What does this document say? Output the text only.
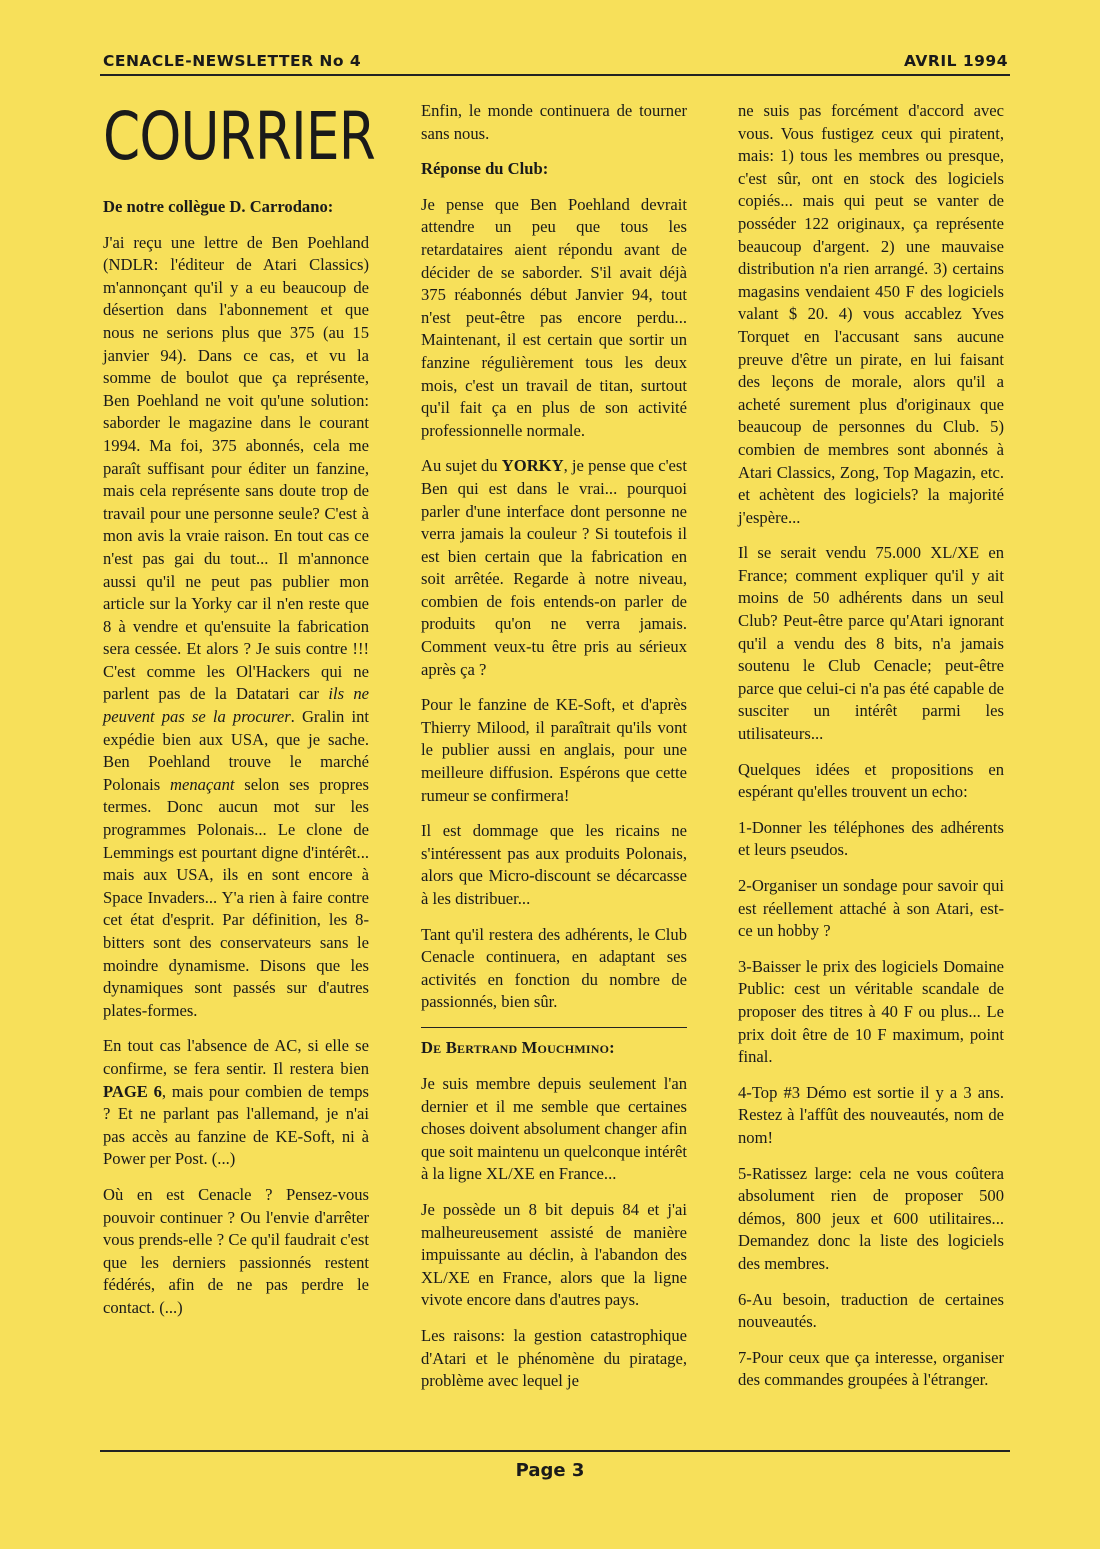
CENACLE-NEWSLETTER No 4	AVRIL 1994
COURRIER

De notre collègue D. Carrodano:

J'ai reçu une lettre de Ben Poehland (NDLR: l'éditeur de Atari Classics) m'annonçant qu'il y a eu beaucoup de désertion dans l'abonnement et que nous ne serions plus que 375 (au 15 janvier 94). Dans ce cas, et vu la somme de boulot que ça représente, Ben Poehland ne voit qu'une solution: saborder le magazine dans le courant 1994. Ma foi, 375 abonnés, cela me paraît suffisant pour éditer un fanzine, mais cela représente sans doute trop de travail pour une personne seule? C'est à mon avis la vraie raison. En tout cas ce n'est pas gai du tout... Il m'annonce aussi qu'il ne peut pas publier mon article sur la Yorky car il n'en reste que 8 à vendre et qu'ensuite la fabrication sera cessée. Et alors ? Je suis contre !!! C'est comme les Ol'Hackers qui ne parlent pas de la Datatari car ils ne peuvent pas se la procurer. Gralin int expédie bien aux USA, que je sache. Ben Poehland trouve le marché Polonais menaçant selon ses propres termes. Donc aucun mot sur les programmes Polonais... Le clone de Lemmings est pourtant digne d'intérêt... mais aux USA, ils en sont encore à Space Invaders... Y'a rien à faire contre cet état d'esprit. Par définition, les 8-bitters sont des conservateurs sans le moindre dynamisme. Disons que les dynamiques sont passés sur d'autres plates-formes.

En tout cas l'absence de AC, si elle se confirme, se fera sentir. Il restera bien PAGE 6, mais pour combien de temps ? Et ne parlant pas l'allemand, je n'ai pas accès au fanzine de KE-Soft, ni à Power per Post. (...)

Où en est Cenacle ? Pensez-vous pouvoir continuer ? Ou l'envie d'arrêter vous prends-elle ? Ce qu'il faudrait c'est que les derniers passionnés restent fédérés, afin de ne pas perdre le contact. (...)

Enfin, le monde continuera de tourner sans nous.

Réponse du Club:

Je pense que Ben Poehland devrait attendre un peu que tous les retardataires aient répondu avant de décider de se saborder. S'il avait déjà 375 réabonnés début Janvier 94, tout n'est peut-être pas encore perdu... Maintenant, il est certain que sortir un fanzine régulièrement tous les deux mois, c'est un travail de titan, surtout qu'il fait ça en plus de son activité professionnelle normale.

Au sujet du YORKY, je pense que c'est Ben qui est dans le vrai... pourquoi parler d'une interface dont personne ne verra jamais la couleur ? Si toutefois il est bien certain que la fabrication en soit arrêtée. Regarde à notre niveau, combien de fois entends-on parler de produits qu'on ne verra jamais. Comment veux-tu être pris au sérieux après ça ?

Pour le fanzine de KE-Soft, et d'après Thierry Milood, il paraîtrait qu'ils vont le publier aussi en anglais, pour une meilleure diffusion. Espérons que cette rumeur se confirmera!

Il est dommage que les ricains ne s'intéressent pas aux produits Polonais, alors que Micro-discount se décarcasse à les distribuer...

Tant qu'il restera des adhérents, le Club Cenacle continuera, en adaptant ses activités en fonction du nombre de passionnés, bien sûr.

De Bertrand Mouchmino:

Je suis membre depuis seulement l'an dernier et il me semble que certaines choses doivent absolument changer afin que soit maintenu un quelconque intérêt à la ligne XL/XE en France...

Je possède un 8 bit depuis 84 et j'ai malheureusement assisté de manière impuissante au déclin, à l'abandon des XL/XE en France, alors que la ligne vivote encore dans d'autres pays.

Les raisons: la gestion catastrophique d'Atari et le phénomène du piratage, problème avec lequel je

ne suis pas forcément d'accord avec vous. Vous fustigez ceux qui piratent, mais: 1) tous les membres ou presque, c'est sûr, ont en stock des logiciels copiés... mais qui peut se vanter de posséder 122 originaux, ça représente beaucoup d'argent. 2) une mauvaise distribution n'a rien arrangé. 3) certains magasins vendaient 450 F des logiciels valant $ 20. 4) vous accablez Yves Torquet en l'accusant sans aucune preuve d'être un pirate, en lui faisant des leçons de morale, alors qu'il a acheté surement plus d'originaux que beaucoup de personnes du Club. 5) combien de membres sont abonnés à Atari Classics, Zong, Top Magazin, etc. et achètent des logiciels? la majorité j'espère...

Il se serait vendu 75.000 XL/XE en France; comment expliquer qu'il y ait moins de 50 adhérents dans un seul Club? Peut-être parce qu'Atari ignorant qu'il a vendu des 8 bits, n'a jamais soutenu le Club Cenacle; peut-être parce que celui-ci n'a pas été capable de susciter un intérêt parmi les utilisateurs...

Quelques idées et propositions en espérant qu'elles trouvent un echo:

1-Donner les téléphones des adhérents et leurs pseudos.

2-Organiser un sondage pour savoir qui est réellement attaché à son Atari, est-ce un hobby ?

3-Baisser le prix des logiciels Domaine Public: cest un véritable scandale de proposer des titres à 40 F ou plus... Le prix doit être de 10 F maximum, point final.

4-Top #3 Démo est sortie il y a 3 ans. Restez à l'affût des nouveautés, nom de nom!

5-Ratissez large: cela ne vous coûtera absolument rien de proposer 500 démos, 800 jeux et 600 utilitaires... Demandez donc la liste des logiciels des membres.

6-Au besoin, traduction de certaines nouveautés.

7-Pour ceux que ça interesse, organiser des commandes groupées à l'étranger.

Page 3
